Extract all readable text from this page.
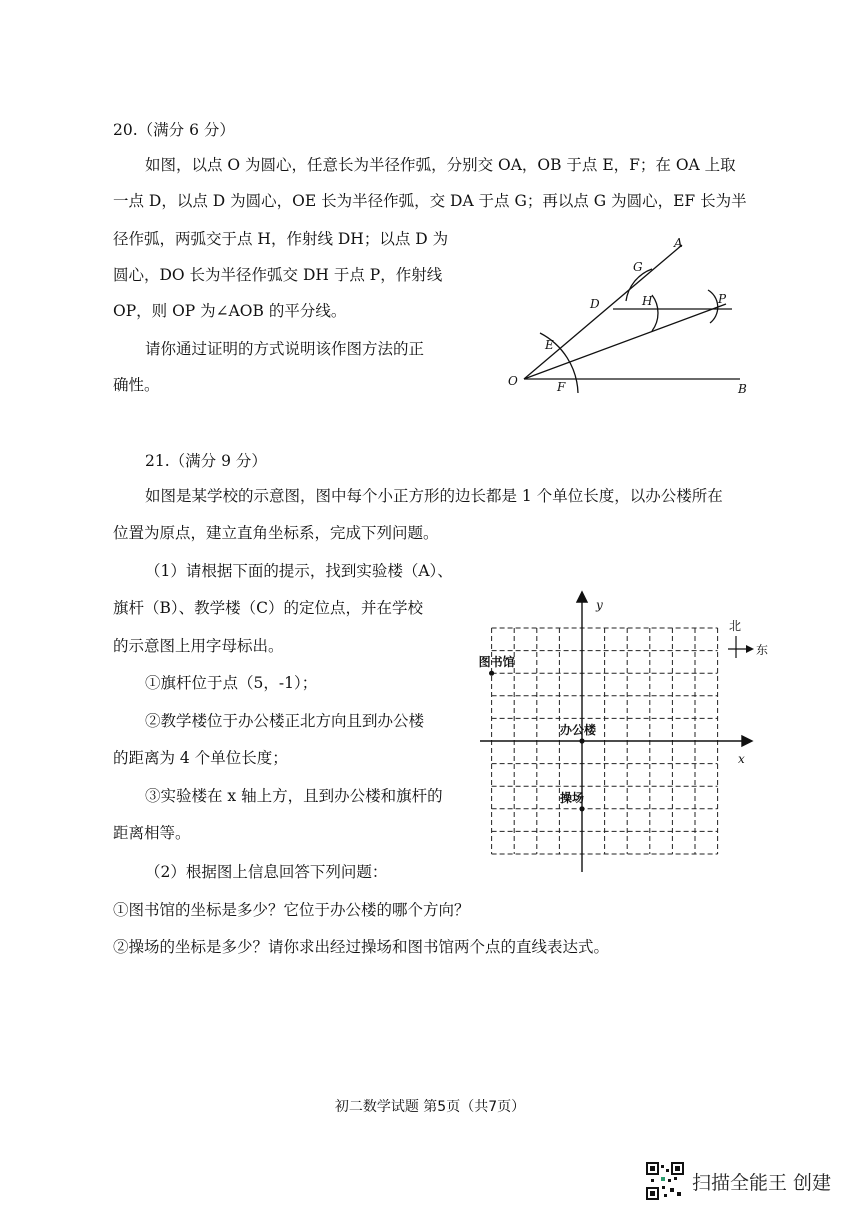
20.（满分 6 分）
如图，以点 O 为圆心，任意长为半径作弧，分别交 OA，OB 于点 E，F；在 OA 上取
一点 D，以点 D 为圆心，OE 长为半径作弧，交 DA 于点 G；再以点 G 为圆心，EF 长为半
径作弧，两弧交于点 H，作射线 DH；以点 D 为
圆心，DO 长为半径作弧交 DH 于点 P，作射线
OP，则 OP 为∠AOB 的平分线。
请你通过证明的方式说明该作图方法的正
确性。
A
G
D	H	P
E
O	F	B
21.（满分 9 分）
如图是某学校的示意图，图中每个小正方形的边长都是 1 个单位长度，以办公楼所在
位置为原点，建立直角坐标系，完成下列问题。
（1）请根据下面的提示，找到实验楼（A）、
旗杆（B）、教学楼（C）的定位点，并在学校
的示意图上用字母标出。
①旗杆位于点（5，-1）；
②教学楼位于办公楼正北方向且到办公楼
的距离为 4 个单位长度；
③实验楼在 x 轴上方，且到办公楼和旗杆的
距离相等。
（2）根据图上信息回答下列问题：
①图书馆的坐标是多少？它位于办公楼的哪个方向？
②操场的坐标是多少？请你求出经过操场和图书馆两个点的直线表达式。
x
y
北
东
图书馆
办公楼
操场
初二数学试题 第5页（共7页）
扫描全能王 创建
